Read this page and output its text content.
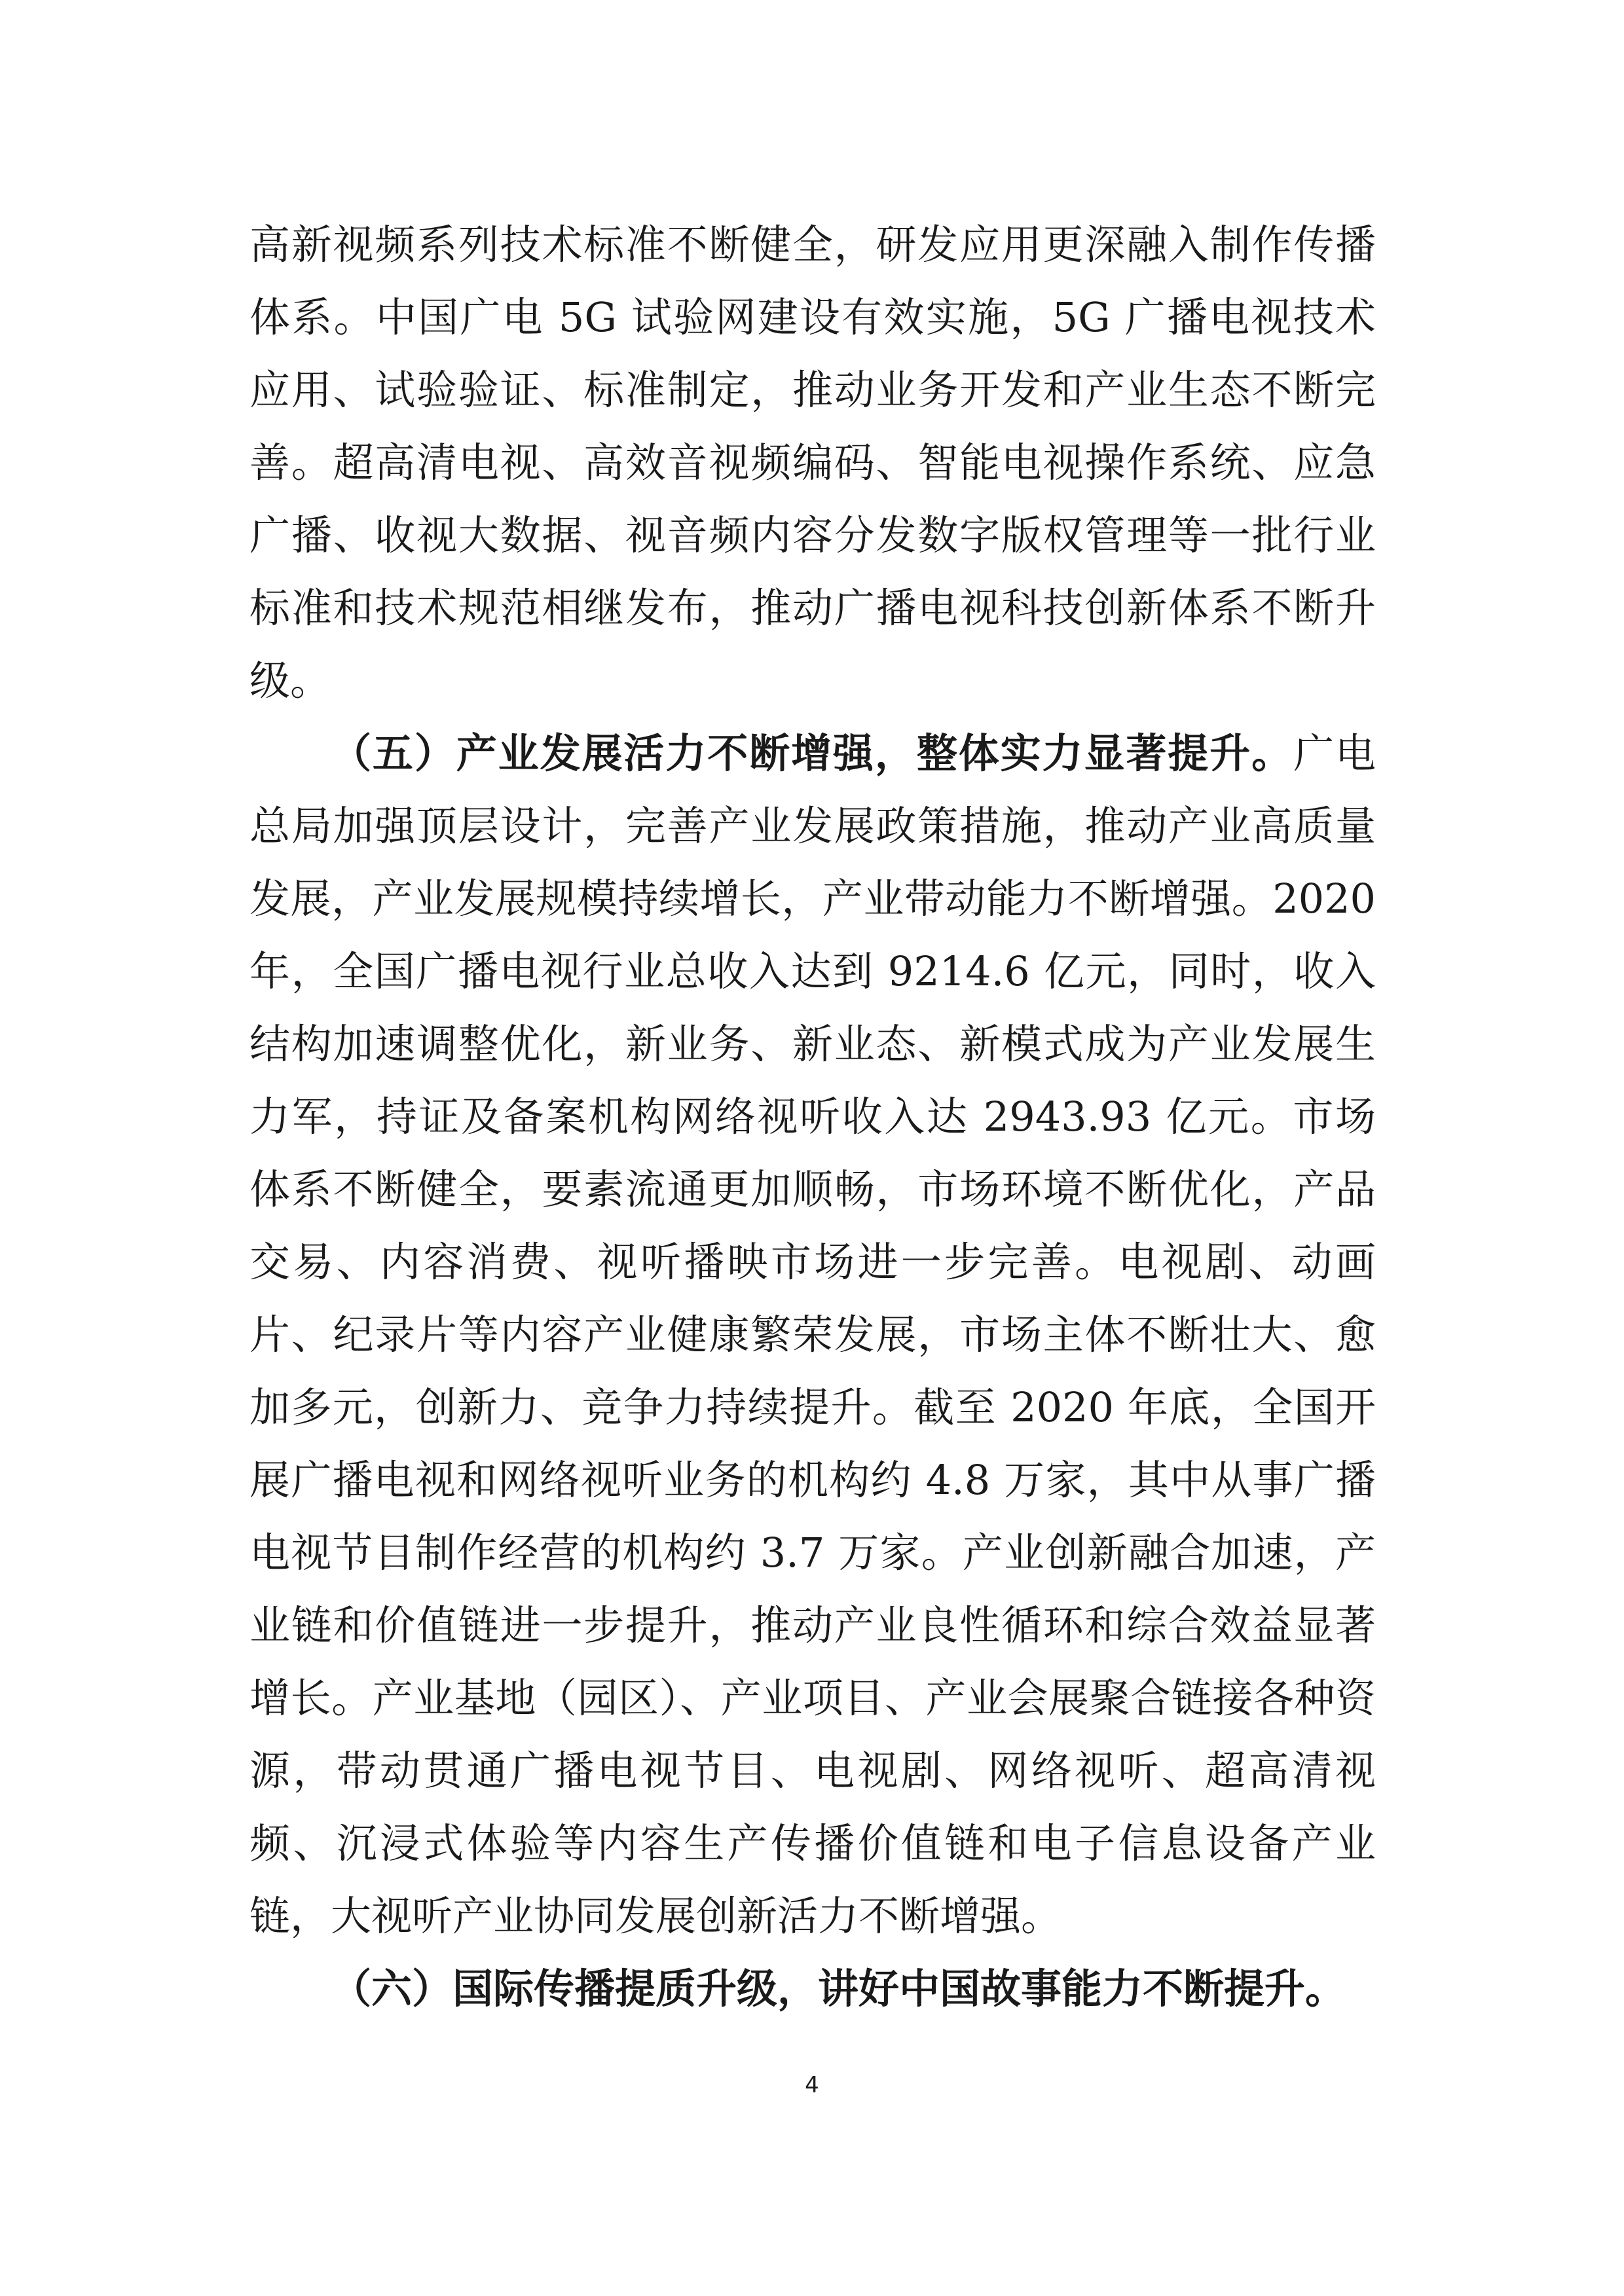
高新视频系列技术标准不断健全，研发应用更深融入制作传播体系。中国广电 5G 试验网建设有效实施，5G 广播电视技术应用、试验验证、标准制定，推动业务开发和产业生态不断完善。超高清电视、高效音视频编码、智能电视操作系统、应急广播、收视大数据、视音频内容分发数字版权管理等一批行业标准和技术规范相继发布，推动广播电视科技创新体系不断升级。

（五）产业发展活力不断增强，整体实力显著提升。广电总局加强顶层设计，完善产业发展政策措施，推动产业高质量发展，产业发展规模持续增长，产业带动能力不断增强。2020 年，全国广播电视行业总收入达到 9214.6 亿元，同时，收入结构加速调整优化，新业务、新业态、新模式成为产业发展生力军，持证及备案机构网络视听收入达 2943.93 亿元。市场体系不断健全，要素流通更加顺畅，市场环境不断优化，产品交易、内容消费、视听播映市场进一步完善。电视剧、动画片、纪录片等内容产业健康繁荣发展，市场主体不断壮大、愈加多元，创新力、竞争力持续提升。截至 2020 年底，全国开展广播电视和网络视听业务的机构约 4.8 万家，其中从事广播电视节目制作经营的机构约 3.7 万家。产业创新融合加速，产业链和价值链进一步提升，推动产业良性循环和综合效益显著增长。产业基地（园区）、产业项目、产业会展聚合链接各种资源，带动贯通广播电视节目、电视剧、网络视听、超高清视频、沉浸式体验等内容生产传播价值链和电子信息设备产业链，大视听产业协同发展创新活力不断增强。

（六）国际传播提质升级，讲好中国故事能力不断提升。

4
